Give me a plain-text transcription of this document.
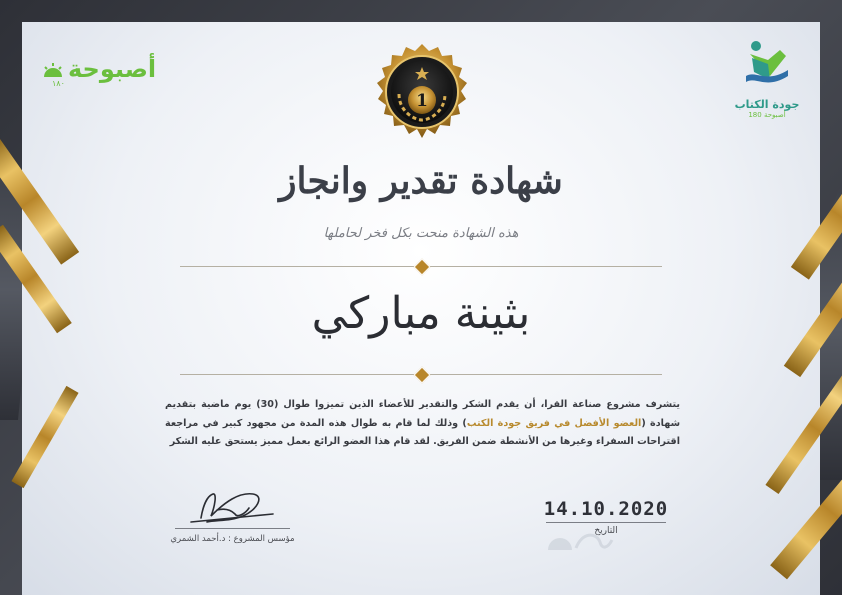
أصبوحة
١٨٠
جودة الكتاب
أصبوحة 180
1
شهادة تقدير وانجاز
هذه الشهادة منحت بكل فخر لحاملها
بثينة مباركي
يتشرف مشروع صناعة القرا، أن يقدم الشكر والتقدير للأعضاء الذين تميزوا طوال (30) يوم ماضية بتقديم شهادة (العضو الأفضل في فريق جودة الكتب) وذلك لما قام به طوال هذه المدة من مجهود كبير في مراجعة اقتراحات السفراء وغيرها من الأنشطة ضمن الفريق. لقد قام هذا العضو الرائع بعمل مميز يستحق عليه الشكر
مؤسس المشروع : د.أحمد الشمري
14.10.2020
التاريخ
